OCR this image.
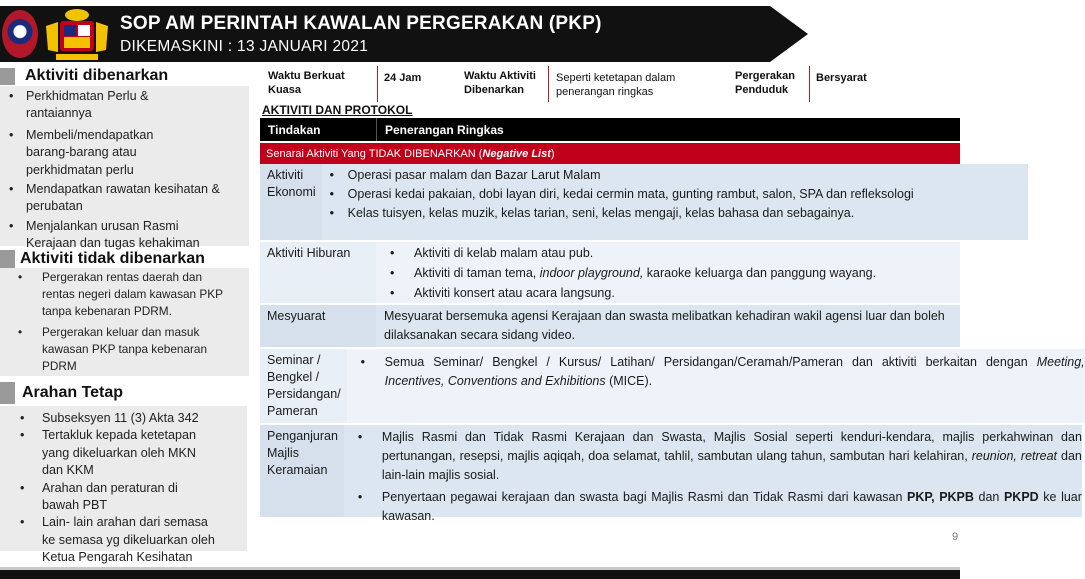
SOP AM PERINTAH KAWALAN PERGERAKAN (PKP)
DIKEMASKINI : 13 JANUARI 2021
Aktiviti dibenarkan
• Perkhidmatan Perlu & rantaiannya
• Membeli/mendapatkan barang-barang atau perkhidmatan perlu
• Mendapatkan rawatan kesihatan & perubatan
• Menjalankan urusan Rasmi Kerajaan dan tugas kehakiman
Aktiviti tidak dibenarkan
• Pergerakan rentas daerah dan rentas negeri dalam kawasan PKP tanpa kebenaran PDRM.
• Pergerakan keluar dan masuk kawasan PKP tanpa kebenaran PDRM
Arahan Tetap
• Subseksyen 11 (3) Akta 342
• Tertakluk kepada ketetapan yang dikeluarkan oleh MKN dan KKM
• Arahan dan peraturan di bawah PBT
• Lain- lain arahan dari semasa ke semasa yg dikeluarkan oleh Ketua Pengarah Kesihatan
Waktu Berkuat Kuasa
24 Jam	Waktu Aktiviti Dibenarkan
Seperti ketetapan dalam penerangan ringkas
Pergerakan Penduduk
Bersyarat
AKTIVITI DAN PROTOKOL
Tindakan	Penerangan Ringkas
Senarai Aktiviti Yang TIDAK DIBENARKAN ( Negative List )
Aktiviti Ekonomi
• Operasi pasar malam dan Bazar Larut Malam
• Operasi kedai pakaian, dobi layan diri, kedai cermin mata, gunting rambut, salon, SPA dan refleksologi
• Kelas tuisyen, kelas muzik, kelas tarian, seni, kelas mengaji, kelas bahasa dan sebagainya.
Aktiviti Hiburan
•	Aktiviti di kelab malam atau pub.
• Aktiviti di taman tema, indoor playground, karaoke keluarga dan panggung wayang.
• Aktiviti konsert atau acara langsung.
Mesyuarat	Mesyuarat bersemuka agensi Kerajaan dan swasta melibatkan kehadiran wakil agensi luar dan boleh dilaksanakan secara sidang video.
Seminar / Bengkel / Persidangan/ Pameran
• Semua Seminar/ Bengkel / Kursus/ Latihan/ Persidangan/Ceramah/Pameran dan aktiviti berkaitan dengan Meeting, Incentives, Conventions and Exhibitions (MICE).
Penganjuran Majlis Keramaian
• Majlis Rasmi dan Tidak Rasmi Kerajaan dan Swasta, Majlis Sosial seperti kenduri-kendara, majlis perkahwinan dan pertunangan, resepsi, majlis aqiqah, doa selamat, tahlil, sambutan ulang tahun, sambutan hari kelahiran, reunion, retreat dan lain-lain majlis sosial.
• Penyertaan pegawai kerajaan dan swasta bagi Majlis Rasmi dan Tidak Rasmi dari kawasan PKP, PKPB dan PKPD ke luar kawasan.
9
